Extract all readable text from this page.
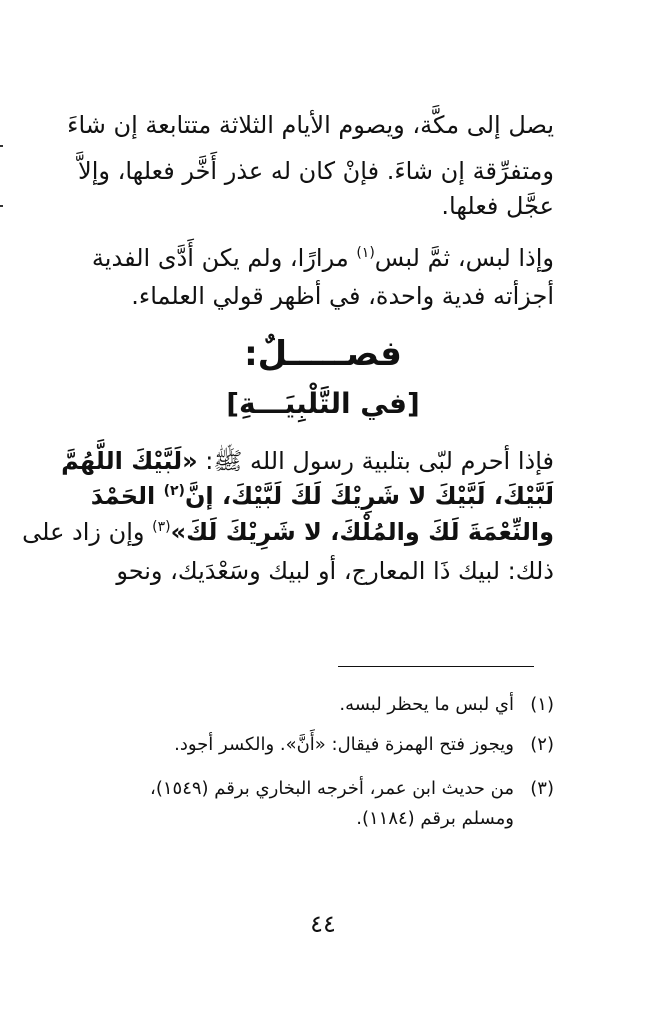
يصل إلى مكَّة، ويصوم الأيام الثلاثة متتابعة إن شاءَ
ومتفرِّقة إن شاءَ. فإنْ كان له عذر أَخَّر فعلها، وإلاَّ
عجَّل فعلها.
وإذا لبس، ثمَّ لبس$^{(١)}$ مرارًا، ولم يكن أَدَّى الفدية
أجزأته فدية واحدة، في أظهر قولي العلماء.
فصـــــلٌ:
[في التَّلْبِيَـــةِ]
فإذا أحرم لبّى بتلبية رسول الله ﷺ: «لَبَّيْكَ اللَّهُمَّ
لَبَّيْكَ، لَبَّيْكَ لا شَرِيْكَ لَكَ لَبَّيْكَ، إنَّ$^{(٢)}$ الحَمْدَ
والنِّعْمَةَ لَكَ والمُلْكَ، لا شَرِيْكَ لَكَ»$^{(٣)}$ وإن زاد على
ذلك: لبيك ذَا المعارج، أو لبيك وسَعْدَيك، ونحو
(١)أي لبس ما يحظر لبسه.
(٢)ويجوز فتح الهمزة فيقال: «أَنَّ». والكسر أجود.
(٣)من حديث ابن عمر، أخرجه البخاري برقم (١٥٤٩)،
ومسلم برقم (١١٨٤).
٤٤
